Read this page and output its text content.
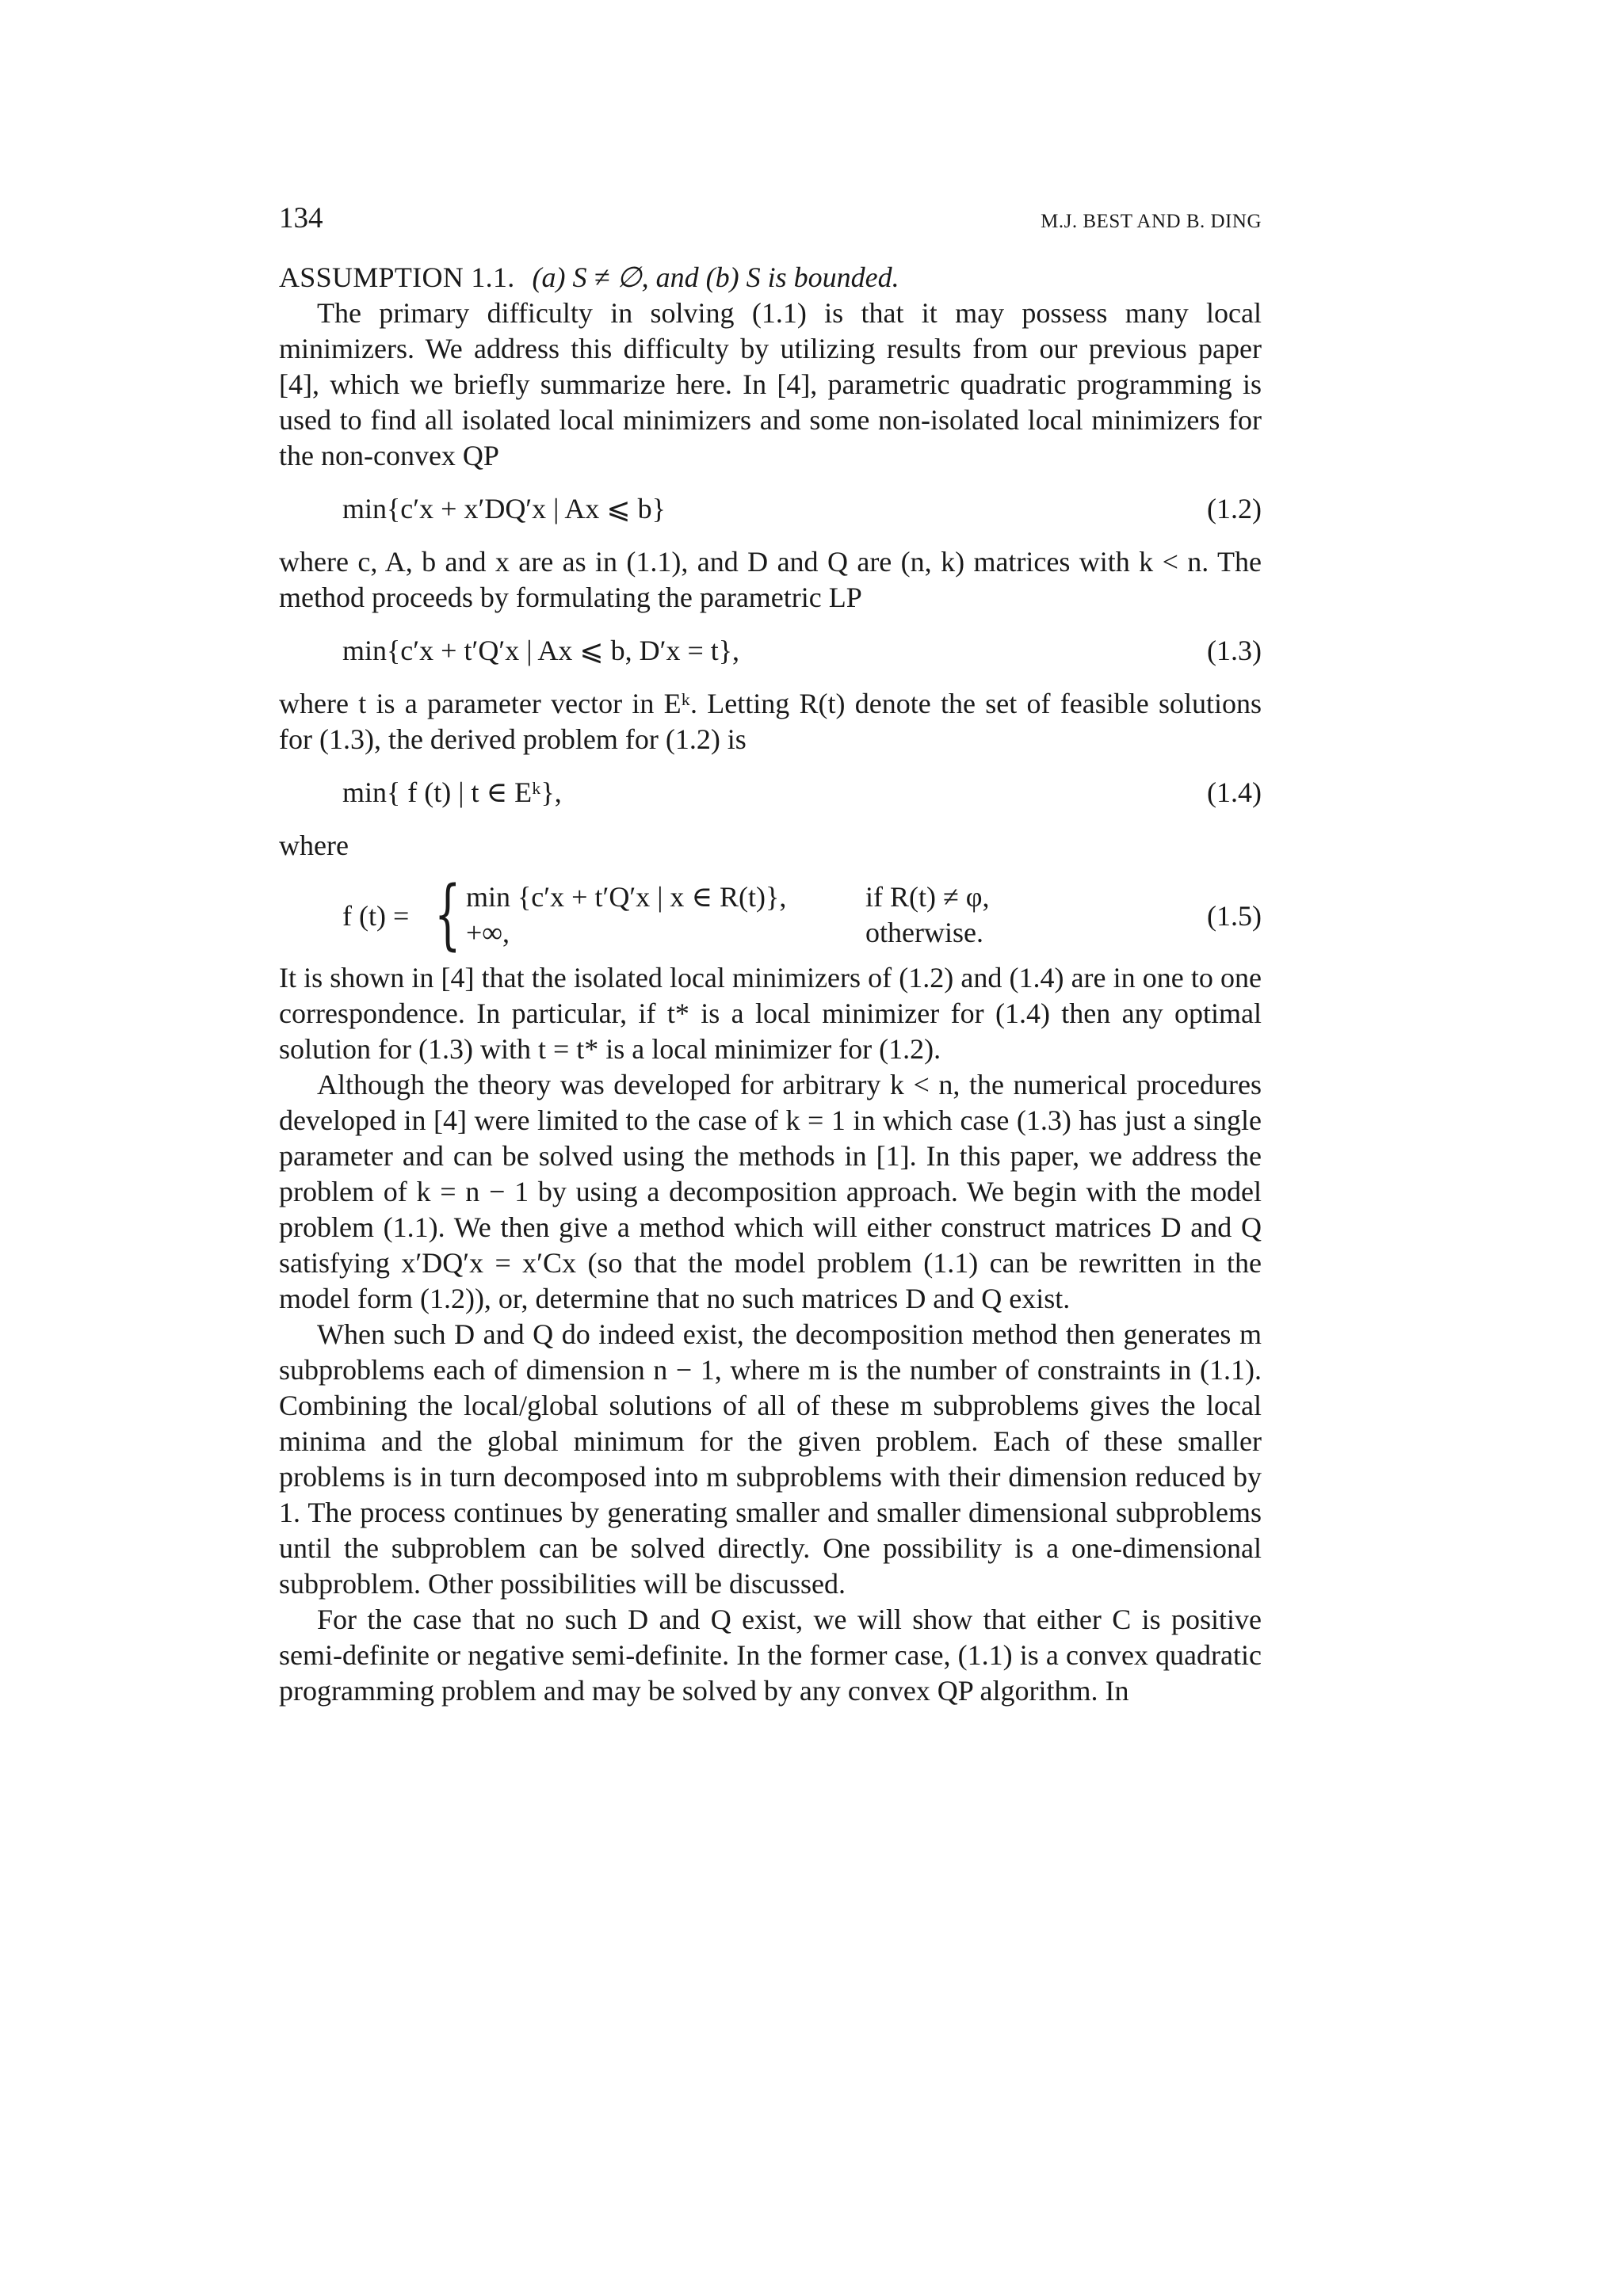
134	M.J. BEST AND B. DING
ASSUMPTION 1.1. (a) S ≠ ∅, and (b) S is bounded.

The primary difficulty in solving (1.1) is that it may possess many local minimizers. We address this difficulty by utilizing results from our previous paper [4], which we briefly summarize here. In [4], parametric quadratic programming is used to find all isolated local minimizers and some non-isolated local minimizers for the non-convex QP

min{c′x + x′DQ′x | Ax ⩽ b}	(1.2)

where c, A, b and x are as in (1.1), and D and Q are (n, k) matrices with k < n. The method proceeds by formulating the parametric LP

min{c′x + t′Q′x | Ax ⩽ b, D′x = t},	(1.3)

where t is a parameter vector in Eᵏ. Letting R(t) denote the set of feasible solutions for (1.3), the derived problem for (1.2) is

min{ f (t) | t ∈ Eᵏ},	(1.4)

where

f (t) = { min {c′x + t′Q′x | x ∈ R(t)},	if R(t) ≠ φ,
+∞,	otherwise.
(1.5)

It is shown in [4] that the isolated local minimizers of (1.2) and (1.4) are in one to one correspondence. In particular, if t* is a local minimizer for (1.4) then any optimal solution for (1.3) with t = t* is a local minimizer for (1.2).

Although the theory was developed for arbitrary k < n, the numerical procedures developed in [4] were limited to the case of k = 1 in which case (1.3) has just a single parameter and can be solved using the methods in [1]. In this paper, we address the problem of k = n − 1 by using a decomposition approach. We begin with the model problem (1.1). We then give a method which will either construct matrices D and Q satisfying x′DQ′x = x′Cx (so that the model problem (1.1) can be rewritten in the model form (1.2)), or, determine that no such matrices D and Q exist.

When such D and Q do indeed exist, the decomposition method then generates m subproblems each of dimension n − 1, where m is the number of constraints in (1.1). Combining the local/global solutions of all of these m subproblems gives the local minima and the global minimum for the given problem. Each of these smaller problems is in turn decomposed into m subproblems with their dimension reduced by 1. The process continues by generating smaller and smaller dimensional subproblems until the subproblem can be solved directly. One possibility is a one-dimensional subproblem. Other possibilities will be discussed.

For the case that no such D and Q exist, we will show that either C is positive semi-definite or negative semi-definite. In the former case, (1.1) is a convex quadratic programming problem and may be solved by any convex QP algorithm. In
